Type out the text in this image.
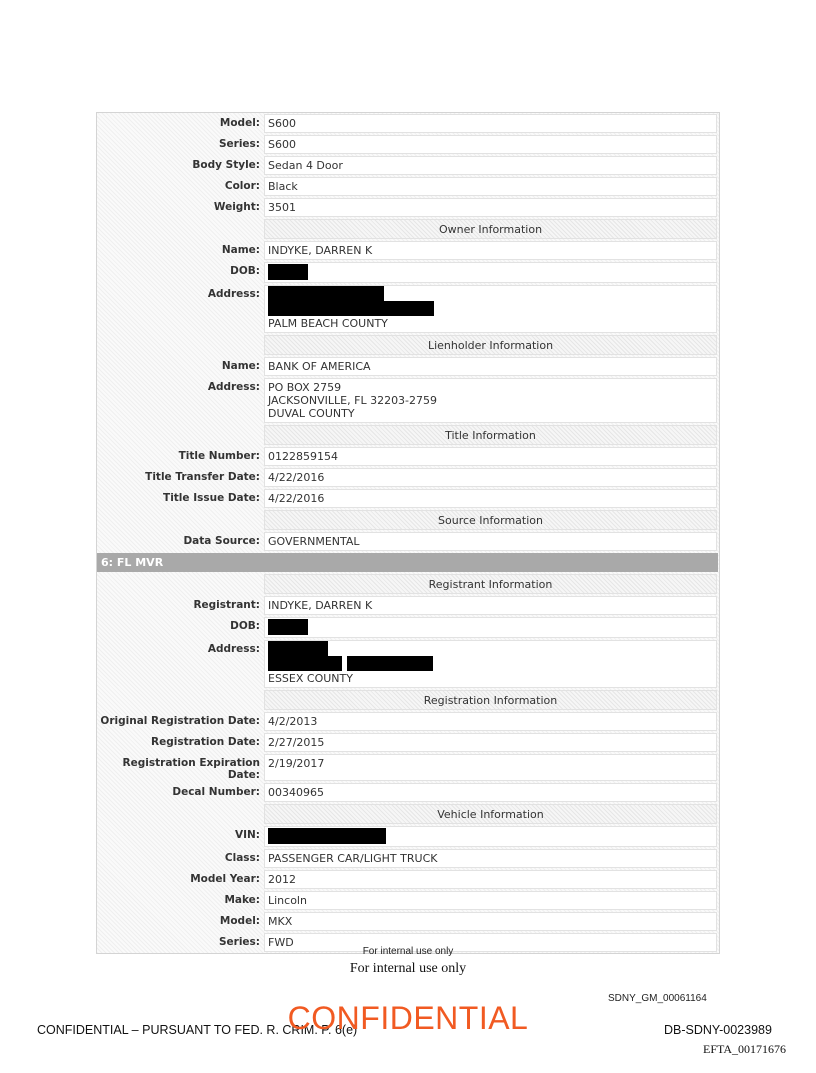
Model: S600
Series: S600
Body Style: Sedan 4 Door
Color: Black
Weight: 3501
Owner Information
Name: INDYKE, DARREN K
DOB:
Address:
PALM BEACH COUNTY
Lienholder Information
Name: BANK OF AMERICA
Address: PO BOX 2759
JACKSONVILLE, FL 32203-2759
DUVAL COUNTY
Title Information
Title Number: 0122859154
Title Transfer Date: 4/22/2016
Title Issue Date: 4/22/2016
Source Information
Data Source: GOVERNMENTAL
6: FL MVR
Registrant Information
Registrant: INDYKE, DARREN K
DOB:
Address:
ESSEX COUNTY
Registration Information
Original Registration Date: 4/2/2013
Registration Date: 2/27/2015
Registration Expiration Date:
2/19/2017
Decal Number: 00340965
Vehicle Information
VIN:
Class: PASSENGER CAR/LIGHT TRUCK
Model Year: 2012
Make: Lincoln
Model: MKX
Series: FWD
For internal use only
For internal use only
SDNY_GM_00061164
CONFIDENTIAL – PURSUANT TO FED. R. CRIM. P. 6(e)
CONFIDENTIAL	DB-SDNY-0023989
EFTA_00171676
